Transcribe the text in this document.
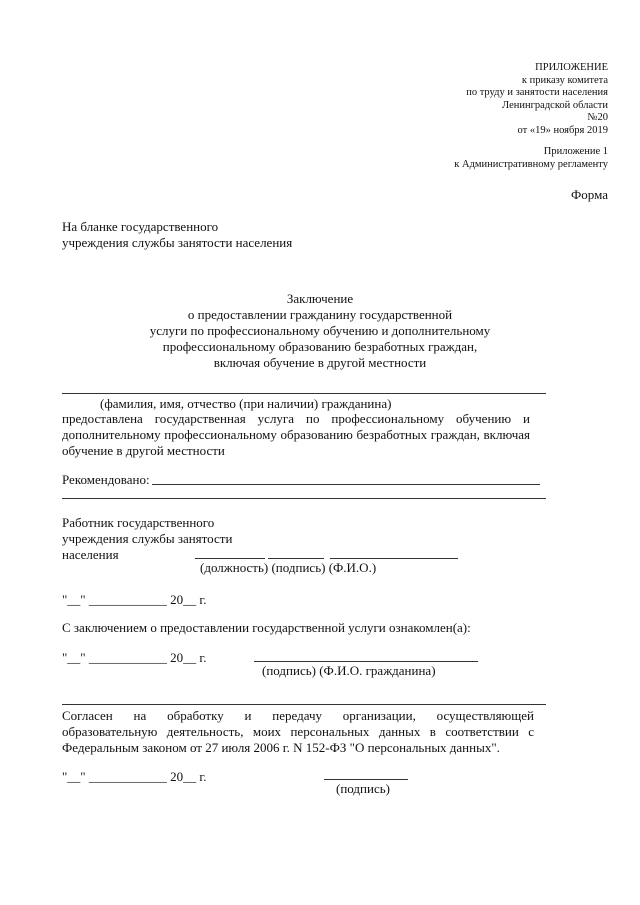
ПРИЛОЖЕНИЕ
к приказу комитета
по труду и занятости населения
Ленинградской области
№20
от «19» ноября 2019
Приложение 1
к Административному регламенту
Форма
На бланке государственного
учреждения службы занятости населения
Заключение
о предоставлении гражданину государственной
услуги по профессиональному обучению и дополнительному
профессиональному образованию безработных граждан,
включая обучение в другой местности
(фамилия, имя, отчество (при наличии) гражданина)
предоставлена государственная услуга по профессиональному обучению и
дополнительному профессиональному образованию безработных граждан, включая
обучение в другой местности
Рекомендовано:
Работник государственного
учреждения службы занятости
населения
(должность) (подпись) (Ф.И.О.)
"__" ____________ 20__ г.
С заключением о предоставлении государственной услуги ознакомлен(а):
"__" ____________ 20__ г.
(подпись) (Ф.И.О. гражданина)
Согласен на обработку и передачу организации, осуществляющей
образовательную деятельность, моих персональных данных в соответствии с
Федеральным законом от 27 июля 2006 г. N 152-ФЗ "О персональных данных".
"__" ____________ 20__ г.
(подпись)
